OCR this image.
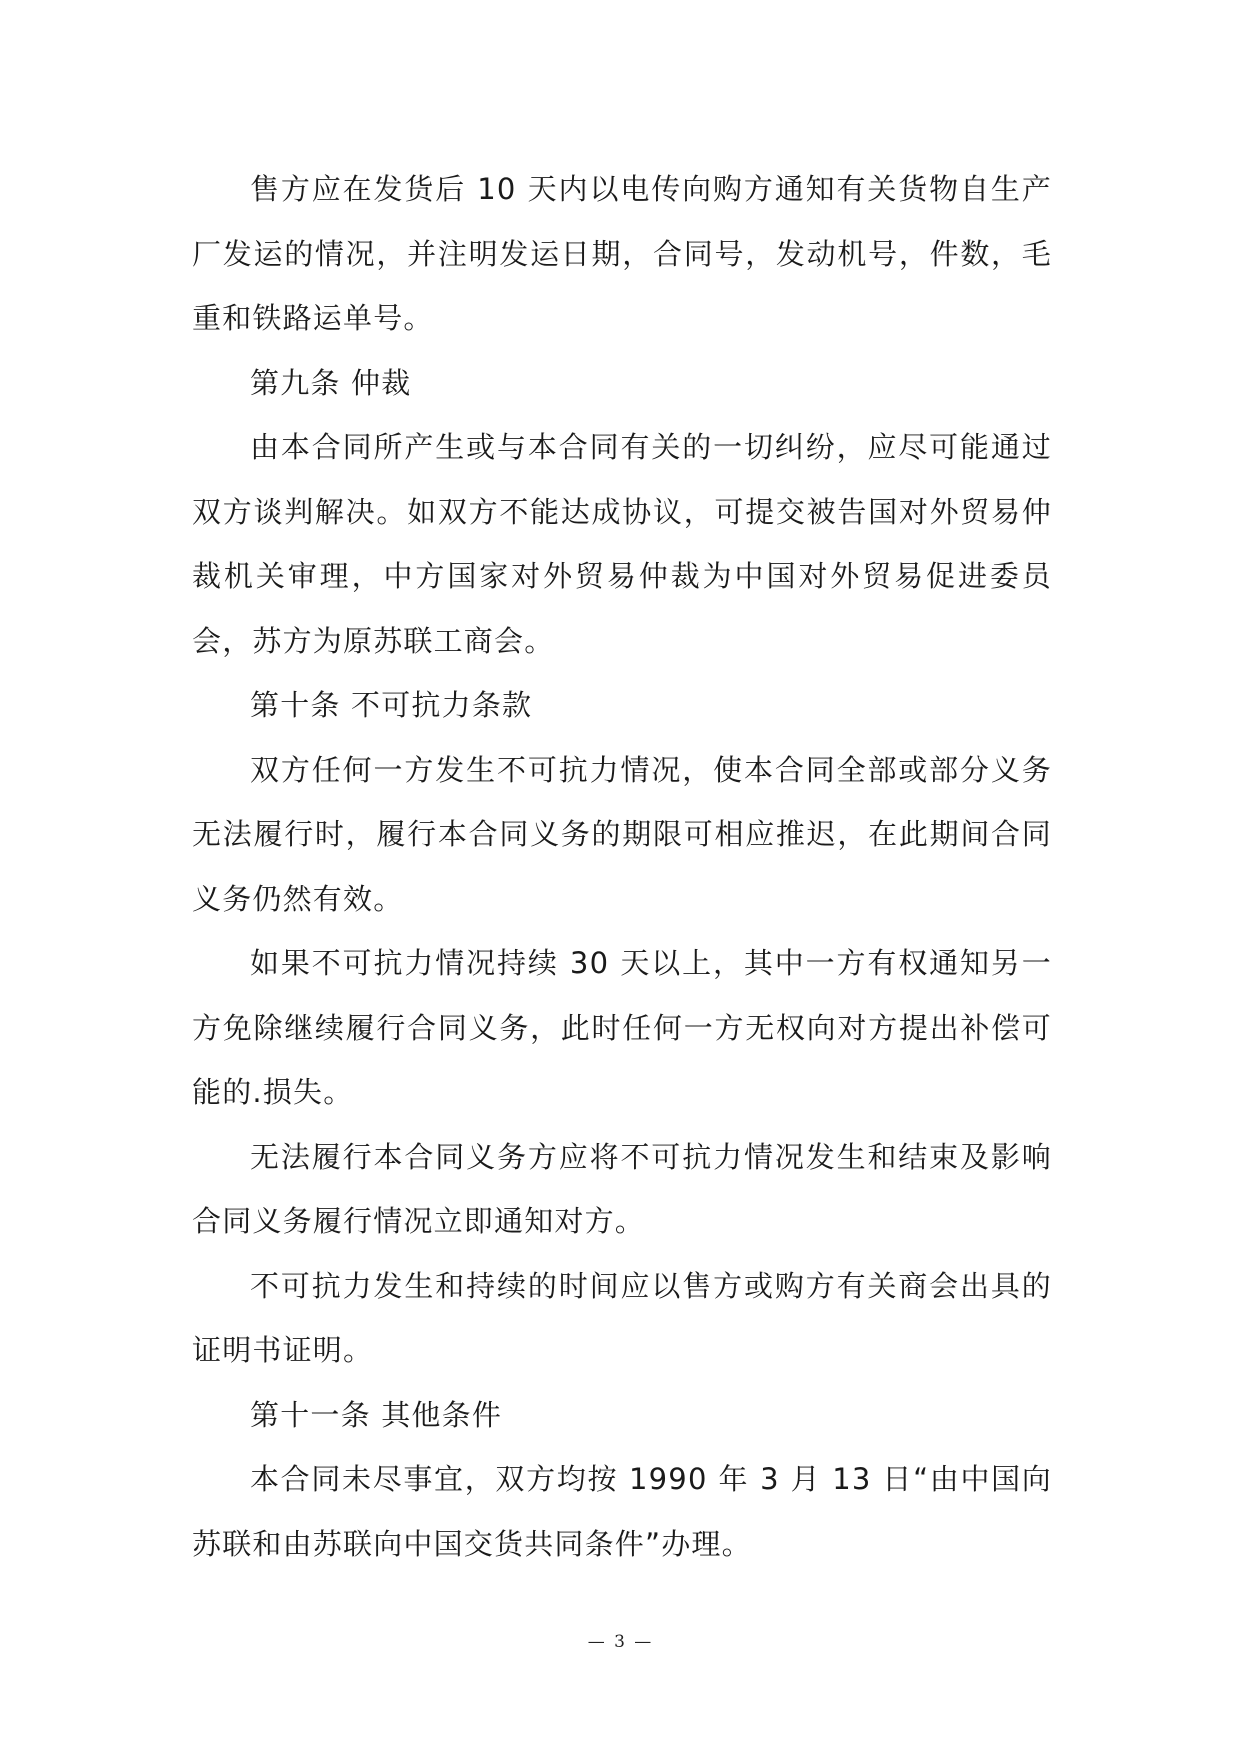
售方应在发货后 10 天内以电传向购方通知有关货物自生产厂发运的情况，并注明发运日期，合同号，发动机号，件数，毛重和铁路运单号。

第九条 仲裁

由本合同所产生或与本合同有关的一切纠纷，应尽可能通过双方谈判解决。如双方不能达成协议，可提交被告国对外贸易仲裁机关审理，中方国家对外贸易仲裁为中国对外贸易促进委员会，苏方为原苏联工商会。

第十条 不可抗力条款

双方任何一方发生不可抗力情况，使本合同全部或部分义务无法履行时，履行本合同义务的期限可相应推迟，在此期间合同义务仍然有效。

如果不可抗力情况持续 30 天以上，其中一方有权通知另一方免除继续履行合同义务，此时任何一方无权向对方提出补偿可能的.损失。

无法履行本合同义务方应将不可抗力情况发生和结束及影响合同义务履行情况立即通知对方。

不可抗力发生和持续的时间应以售方或购方有关商会出具的证明书证明。

第十一条 其他条件

本合同未尽事宜，双方均按 1990 年 3 月 13 日“由中国向苏联和由苏联向中国交货共同条件”办理。

— 3 —
